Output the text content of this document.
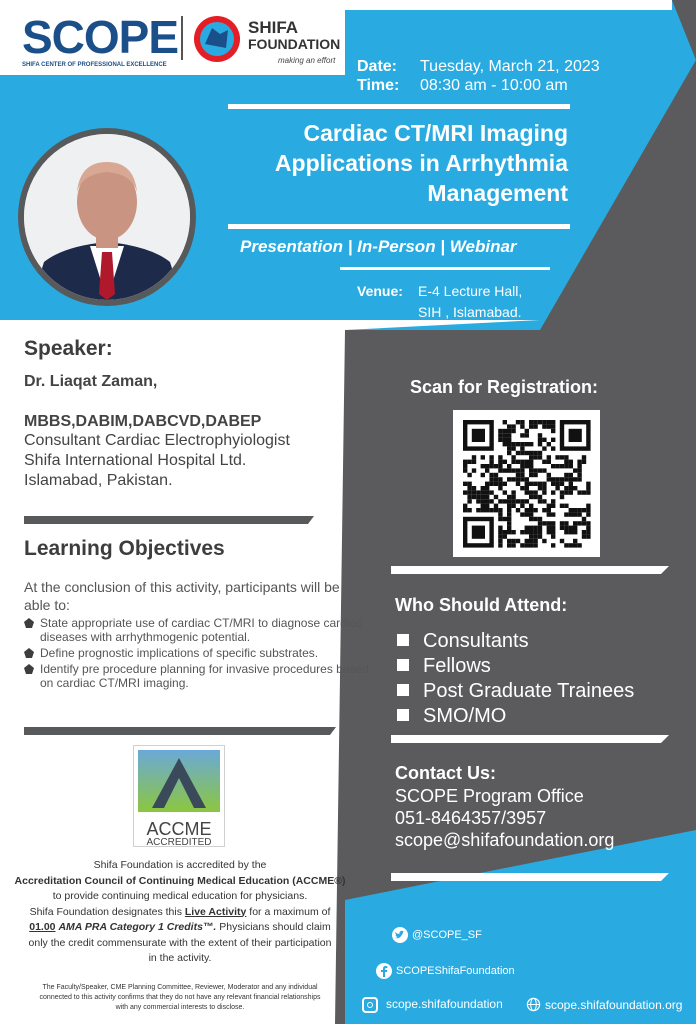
SCOPE
SHIFA CENTER OF PROFESSIONAL EXCELLENCE
SHIFA
FOUNDATION
making an effort Date: Tuesday, March 21, 2023
Time: 08:30 am - 10:00 am
Cardiac CT/MRI Imaging
Applications in Arrhythmia
Management
Presentation | In-Person | Webinar
Venue: E-4 Lecture Hall,
SIH , Islamabad.
Speaker:
Dr. Liaqat Zaman,
MBBS,DABIM,DABCVD,DABEP
Consultant Cardiac Electrophyiologist
Shifa International Hospital Ltd.
Islamabad, Pakistan.
Learning Objectives
At the conclusion of this activity, participants will be able to:
State appropriate use of cardiac CT/MRI to diagnose cardiac diseases with arrhythmogenic potential.
Define prognostic implications of specific substrates.
Identify pre procedure planning for invasive procedures based on cardiac CT/MRI imaging.
ACCME
ACCREDITED
Shifa Foundation is accredited by the
Accreditation Council of Continuing Medical Education (ACCME®)
to provide continuing medical education for physicians.
Shifa Foundation designates this Live Activity for a maximum of
01.00 AMA PRA Category 1 Credits™. Physicians should claim
only the credit commensurate with the extent of their participation
in the activity.
The Faculty/Speaker, CME Planning Committee, Reviewer, Moderator and any individual
connected to this activity confirms that they do not have any relevant financial relationships
with any commercial interests to disclose.
Scan for Registration:
Who Should Attend:
Consultants
Fellows
Post Graduate Trainees
SMO/MO
Contact Us:
SCOPE Program Office
051-8464357/3957
scope@shifafoundation.org
@SCOPE_SF
SCOPEShifaFoundation
scope.shifafoundation	scope.shifafoundation.org
